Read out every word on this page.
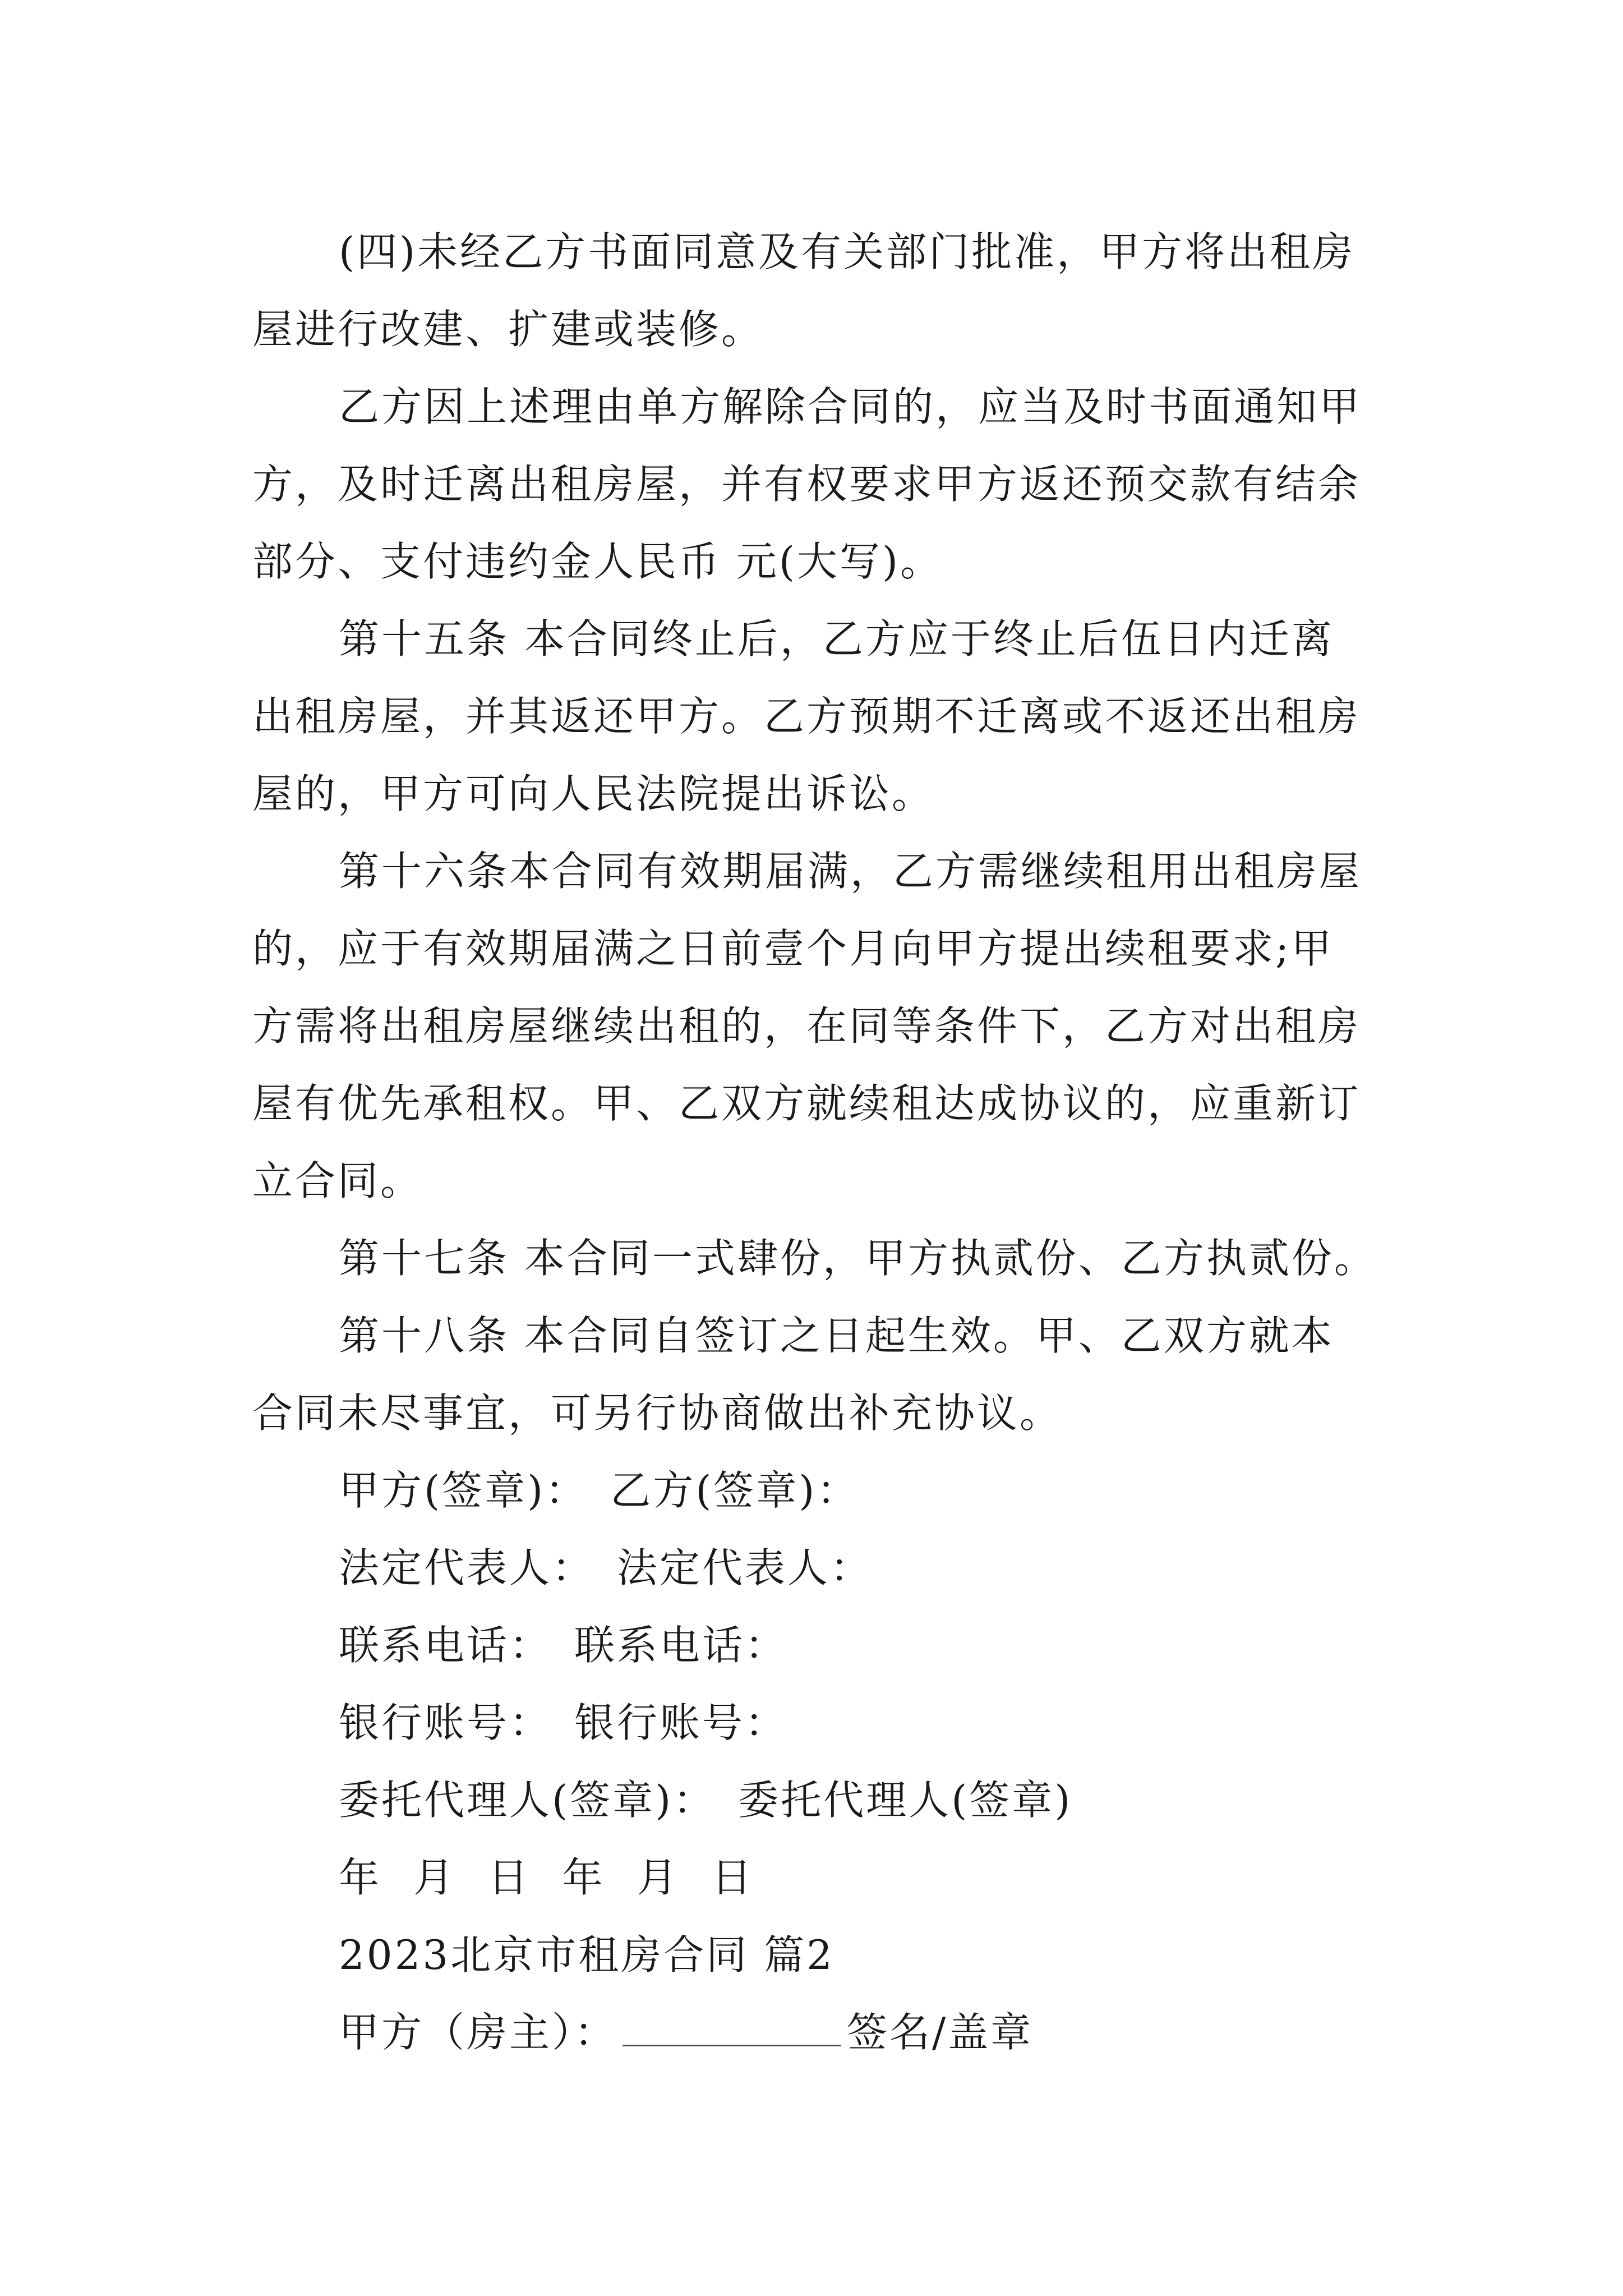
(四)未经乙方书面同意及有关部门批准，甲方将出租房
屋进行改建、扩建或装修。
乙方因上述理由单方解除合同的，应当及时书面通知甲
方，及时迁离出租房屋，并有权要求甲方返还预交款有结余
部分、支付违约金人民币 元(大写)。
第十五条 本合同终止后，乙方应于终止后伍日内迁离
出租房屋，并其返还甲方。乙方预期不迁离或不返还出租房
屋的，甲方可向人民法院提出诉讼。
第十六条本合同有效期届满，乙方需继续租用出租房屋
的，应于有效期届满之日前壹个月向甲方提出续租要求;甲
方需将出租房屋继续出租的，在同等条件下，乙方对出租房
屋有优先承租权。甲、乙双方就续租达成协议的，应重新订
立合同。
第十七条 本合同一式肆份，甲方执贰份、乙方执贰份。
第十八条 本合同自签订之日起生效。甲、乙双方就本
合同未尽事宜，可另行协商做出补充协议。
甲方(签章)： 乙方(签章)：
法定代表人： 法定代表人：
联系电话： 联系电话：
银行账号： 银行账号：
委托代理人(签章)： 委托代理人(签章)
年 月 日 年 月 日
2023北京市租房合同 篇2
甲方（房主）：	签名/盖章
